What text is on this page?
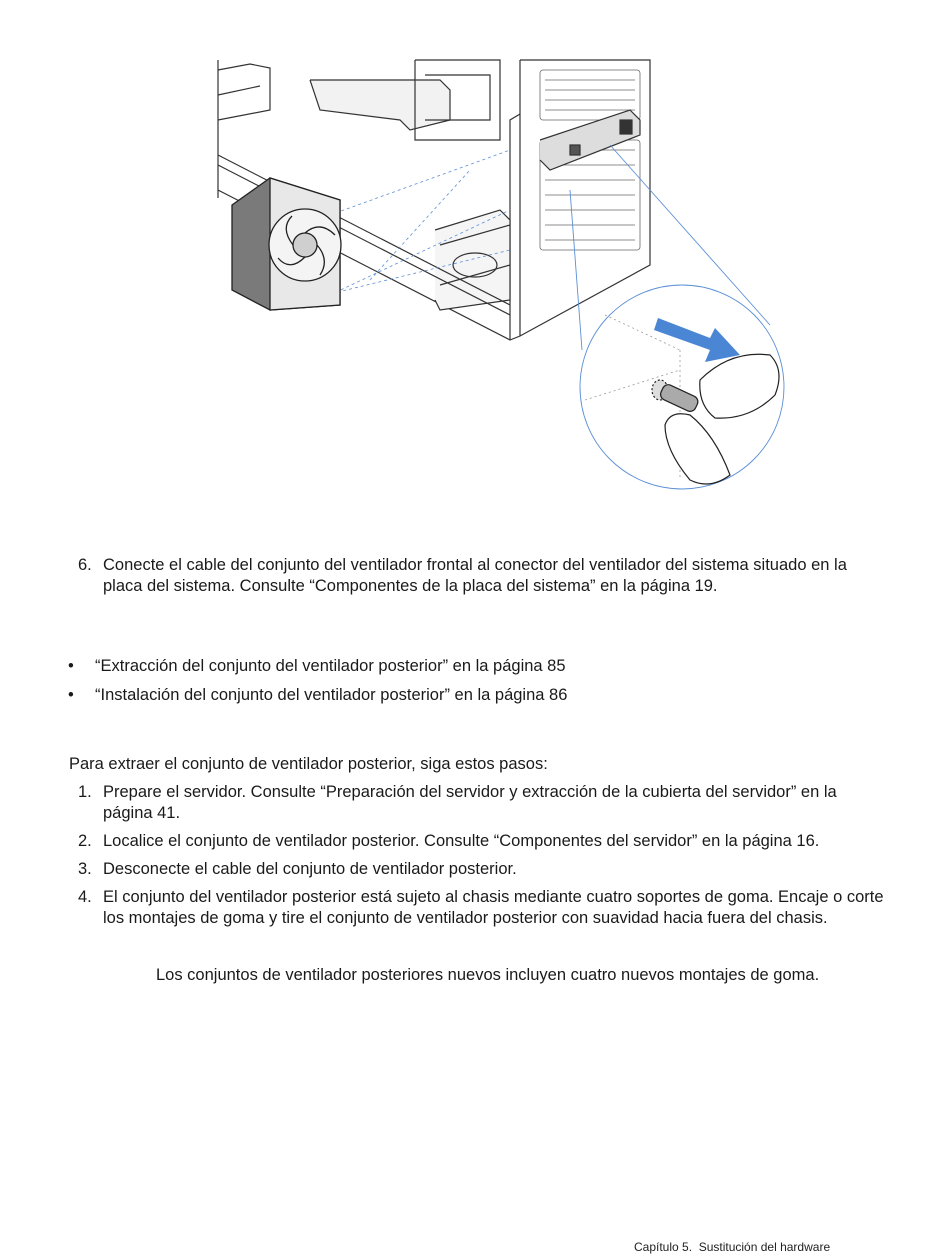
6. Conecte el cable del conjunto del ventilador frontal al conector del ventilador del sistema situado en la placa del sistema. Consulte “Componentes de la placa del sistema” en la página 19.
•	“Extracción del conjunto del ventilador posterior” en la página 85
•	“Instalación del conjunto del ventilador posterior” en la página 86
Para extraer el conjunto de ventilador posterior, siga estos pasos:
1. Prepare el servidor. Consulte “Preparación del servidor y extracción de la cubierta del servidor” en la página 41.
2. Localice el conjunto de ventilador posterior. Consulte “Componentes del servidor” en la página 16.
3. Desconecte el cable del conjunto de ventilador posterior.
4. El conjunto del ventilador posterior está sujeto al chasis mediante cuatro soportes de goma. Encaje o corte los montajes de goma y tire el conjunto de ventilador posterior con suavidad hacia fuera del chasis.
Los conjuntos de ventilador posteriores nuevos incluyen cuatro nuevos montajes de goma.
Capítulo 5.  Sustitución del hardware
